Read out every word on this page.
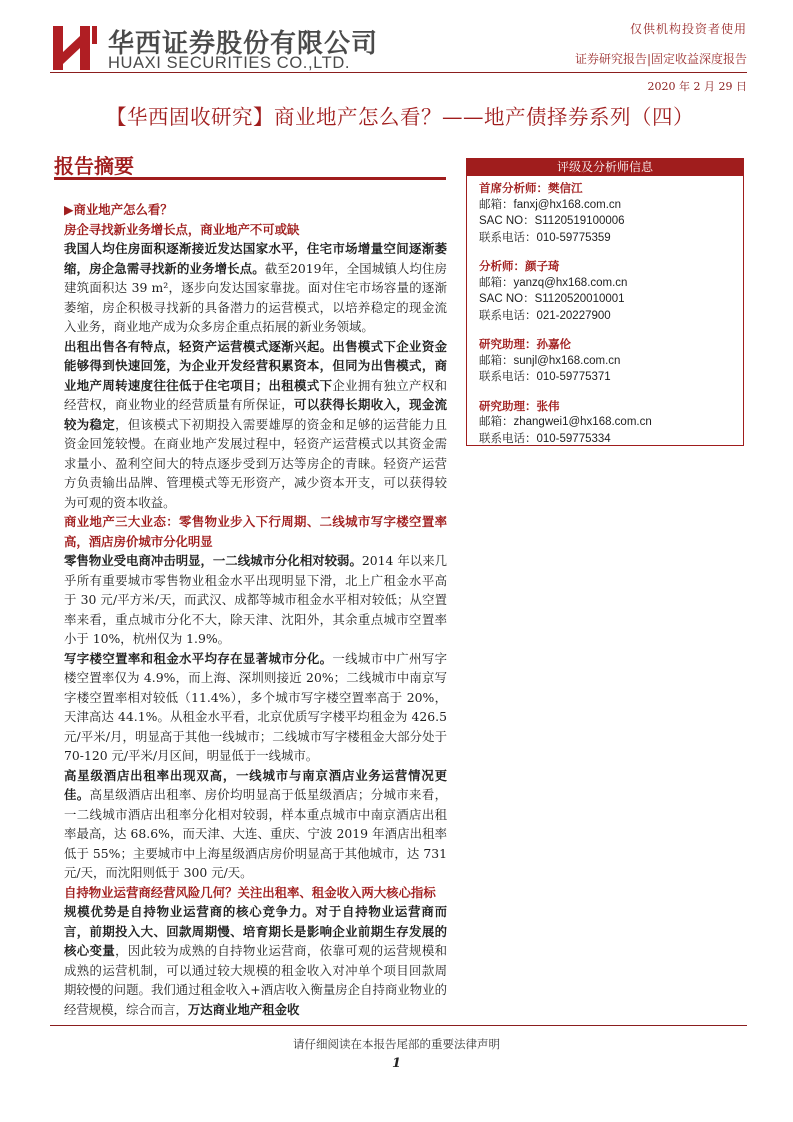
华西证券股份有限公司
HUAXI SECURITIES CO.,LTD.
仅供机构投资者使用
证券研究报告|固定收益深度报告
2020 年 2 月 29 日
【华西固收研究】商业地产怎么看？——地产债择券系列（四）
报告摘要

▶商业地产怎么看？

房企寻找新业务增长点，商业地产不可或缺

我国人均住房面积逐渐接近发达国家水平，住宅市场增量空间逐渐萎缩，房企急需寻找新的业务增长点。截至2019年，全国城镇人均住房建筑面积达 39 m²，逐步向发达国家靠拢。面对住宅市场容量的逐渐萎缩，房企积极寻找新的具备潜力的运营模式，以培养稳定的现金流入业务，商业地产成为众多房企重点拓展的新业务领域。

出租出售各有特点，轻资产运营模式逐渐兴起。出售模式下企业资金能够得到快速回笼，为企业开发经营积累资本，但同为出售模式，商业地产周转速度往往低于住宅项目；出租模式下企业拥有独立产权和经营权，商业物业的经营质量有所保证，可以获得长期收入，现金流较为稳定，但该模式下初期投入需要雄厚的资金和足够的运营能力且资金回笼较慢。在商业地产发展过程中，轻资产运营模式以其资金需求量小、盈利空间大的特点逐步受到万达等房企的青睐。轻资产运营方负责输出品牌、管理模式等无形资产，减少资本开支，可以获得较为可观的资本收益。

商业地产三大业态：零售物业步入下行周期、二线城市写字楼空置率高，酒店房价城市分化明显

零售物业受电商冲击明显，一二线城市分化相对较弱。2014 年以来几乎所有重要城市零售物业租金水平出现明显下滑，北上广租金水平高于 30 元/平方米/天，而武汉、成都等城市租金水平相对较低；从空置率来看，重点城市分化不大，除天津、沈阳外，其余重点城市空置率小于 10%，杭州仅为 1.9%。

写字楼空置率和租金水平均存在显著城市分化。一线城市中广州写字楼空置率仅为 4.9%，而上海、深圳则接近 20%；二线城市中南京写字楼空置率相对较低（11.4%），多个城市写字楼空置率高于 20%，天津高达 44.1%。从租金水平看，北京优质写字楼平均租金为 426.5 元/平米/月，明显高于其他一线城市；二线城市写字楼租金大部分处于 70-120 元/平米/月区间，明显低于一线城市。

高星级酒店出租率出现双高，一线城市与南京酒店业务运营情况更佳。高星级酒店出租率、房价均明显高于低星级酒店；分城市来看，一二线城市酒店出租率分化相对较弱，样本重点城市中南京酒店出租率最高，达 68.6%，而天津、大连、重庆、宁波 2019 年酒店出租率低于 55%；主要城市中上海星级酒店房价明显高于其他城市，达 731 元/天，而沈阳则低于 300 元/天。

自持物业运营商经营风险几何？关注出租率、租金收入两大核心指标

规模优势是自持物业运营商的核心竞争力。对于自持物业运营商而言，前期投入大、回款周期慢、培育期长是影响企业前期生存发展的核心变量，因此较为成熟的自持物业运营商，依靠可观的运营规模和成熟的运营机制，可以通过较大规模的租金收入对冲单个项目回款周期较慢的问题。我们通过租金收入+酒店收入衡量房企自持商业物业的经营规模，综合而言，万达商业地产租金收

评级及分析师信息
首席分析师：樊信江
邮箱：fanxj@hx168.com.cn
SAC NO：S1120519100006
联系电话：010-59775359
分析师：颜子琦
邮箱：yanzq@hx168.com.cn
SAC NO：S1120520010001
联系电话：021-20227900
研究助理：孙嘉伦
邮箱：sunjl@hx168.com.cn
联系电话：010-59775371
研究助理：张伟
邮箱：zhangwei1@hx168.com.cn
联系电话：010-59775334
请仔细阅读在本报告尾部的重要法律声明
1
